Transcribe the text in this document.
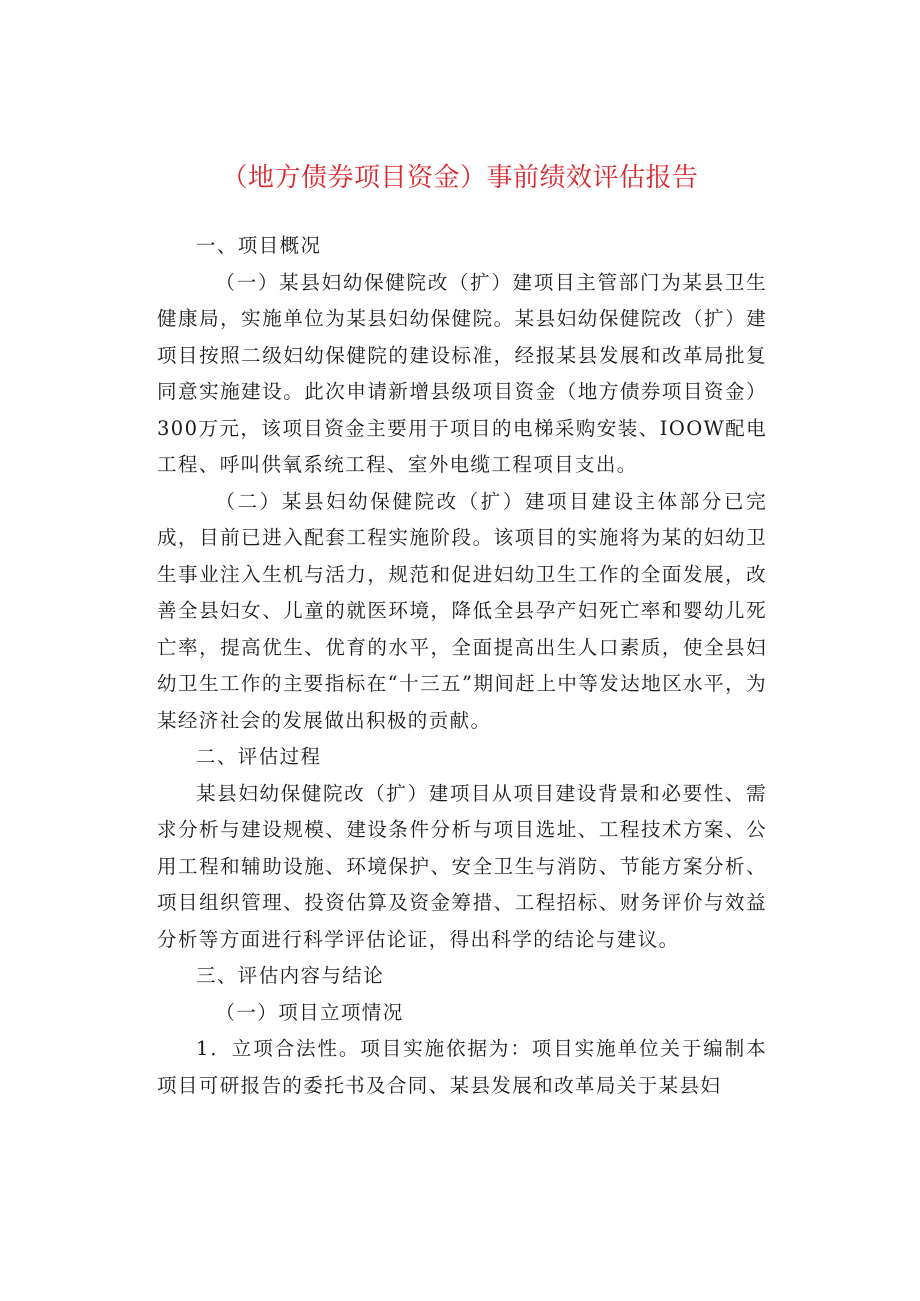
（地方债券项目资金）事前绩效评估报告

一、项目概况

（一）某县妇幼保健院改（扩）建项目主管部门为某县卫生健康局，实施单位为某县妇幼保健院。某县妇幼保健院改（扩）建项目按照二级妇幼保健院的建设标准，经报某县发展和改革局批复同意实施建设。此次申请新增县级项目资金（地方债券项目资金）300万元，该项目资金主要用于项目的电梯采购安装、IOOW配电工程、呼叫供氧系统工程、室外电缆工程项目支出。

（二）某县妇幼保健院改（扩）建项目建设主体部分已完成，目前已进入配套工程实施阶段。该项目的实施将为某的妇幼卫生事业注入生机与活力，规范和促进妇幼卫生工作的全面发展，改善全县妇女、儿童的就医环境，降低全县孕产妇死亡率和婴幼儿死亡率，提高优生、优育的水平，全面提高出生人口素质，使全县妇幼卫生工作的主要指标在“十三五”期间赶上中等发达地区水平，为某经济社会的发展做出积极的贡献。

二、评估过程

某县妇幼保健院改（扩）建项目从项目建设背景和必要性、需求分析与建设规模、建设条件分析与项目选址、工程技术方案、公用工程和辅助设施、环境保护、安全卫生与消防、节能方案分析、项目组织管理、投资估算及资金筹措、工程招标、财务评价与效益分析等方面进行科学评估论证，得出科学的结论与建议。

三、评估内容与结论

（一）项目立项情况

1．立项合法性。项目实施依据为：项目实施单位关于编制本项目可研报告的委托书及合同、某县发展和改革局关于某县妇
